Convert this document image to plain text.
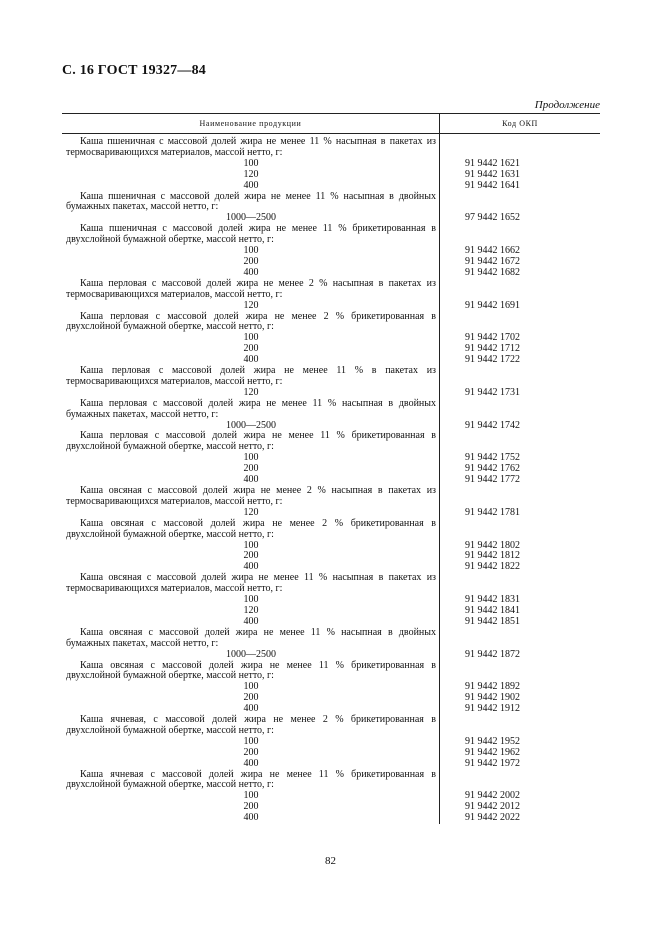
С. 16 ГОСТ 19327—84
Продолжение
Наименование продукции	Код ОКП
Каша пшеничная с массовой долей жира не менее 11 % насыпная в пакетах из термосваривающихся материалов, массой нетто, г:
100	91 9442 1621
120	91 9442 1631
400	91 9442 1641
Каша пшеничная с массовой долей жира не менее 11 % насыпная в двойных бумажных пакетах, массой нетто, г:
1000—2500	97 9442 1652
Каша пшеничная с массовой долей жира не менее 11 % брикетированная в двухслойной бумажной обертке, массой нетто, г:
100	91 9442 1662
200	91 9442 1672
400	91 9442 1682
Каша перловая с массовой долей жира не менее 2 % насыпная в пакетах из термосваривающихся материалов, массой нетто, г:
120	91 9442 1691
Каша перловая с массовой долей жира не менее 2 % брикетированная в двухслойной бумажной обертке, массой нетто, г:
100	91 9442 1702
200	91 9442 1712
400	91 9442 1722
Каша перловая с массовой долей жира не менее 11 % в пакетах из термосваривающихся материалов, массой нетто, г:
120	91 9442 1731
Каша перловая с массовой долей жира не менее 11 % насыпная в двойных бумажных пакетах, массой нетто, г:
1000—2500	91 9442 1742
Каша перловая с массовой долей жира не менее 11 % брикетированная в двухслойной бумажной обертке, массой нетто, г:
100	91 9442 1752
200	91 9442 1762
400	91 9442 1772
Каша овсяная с массовой долей жира не менее 2 % насыпная в пакетах из термосваривающихся материалов, массой нетто, г:
120	91 9442 1781
Каша овсяная с массовой долей жира не менее 2 % брикетированная в двухслойной бумажной обертке, массой нетто, г:
100	91 9442 1802
200	91 9442 1812
400	91 9442 1822
Каша овсяная с массовой долей жира не менее 11 % насыпная в пакетах из термосваривающихся материалов, массой нетто, г:
100	91 9442 1831
120	91 9442 1841
400	91 9442 1851
Каша овсяная с массовой долей жира не менее 11 % насыпная в двойных бумажных пакетах, массой нетто, г:
1000—2500	91 9442 1872
Каша овсяная с массовой долей жира не менее 11 % брикетированная в двухслойной бумажной обертке, массой нетто, г:
100	91 9442 1892
200	91 9442 1902
400	91 9442 1912
Каша ячневая, с массовой долей жира не менее 2 % брикетированная в двухслойной бумажной обертке, массой нетто, г:
100	91 9442 1952
200	91 9442 1962
400	91 9442 1972
Каша ячневая с массовой долей жира не менее 11 % брикетированная в двухслойной бумажной обертке, массой нетто, г:
100	91 9442 2002
200	91 9442 2012
400	91 9442 2022
82
